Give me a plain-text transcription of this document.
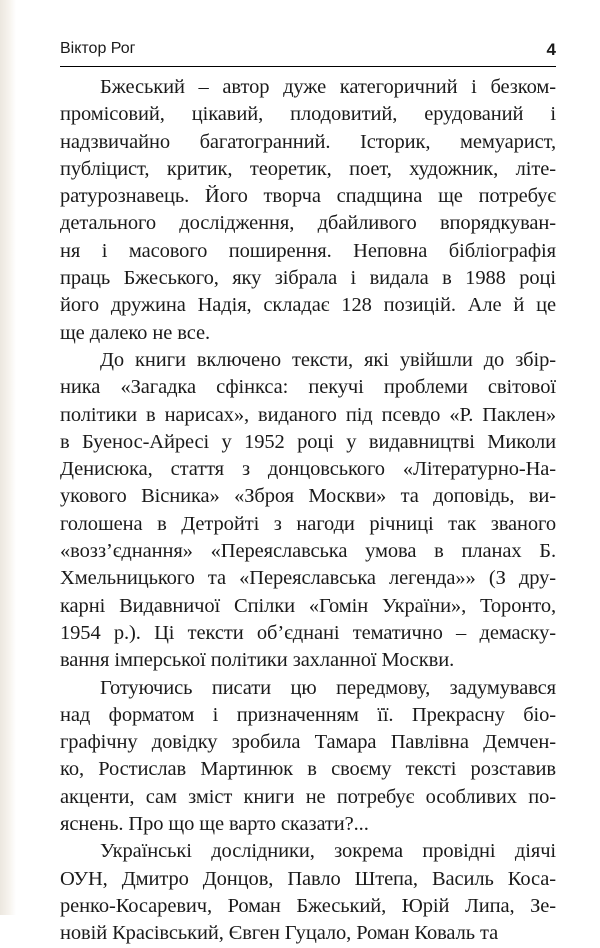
Віктор Рог	4
Бжеський – автор дуже категоричний і безком-
промісовий, цікавий, плодовитий, ерудований і
надзвичайно багатогранний. Історик, мемуарист,
публіцист, критик, теоретик, поет, художник, літе-
ратурознавець. Його творча спадщина ще потребує
детального дослідження, дбайливого впорядкуван-
ня і масового поширення. Неповна бібліографія
праць Бжеського, яку зібрала і видала в 1988 році
його дружина Надія, складає 128 позицій. Але й це
ще далеко не все.
До книги включено тексти, які увійшли до збір-
ника «Загадка сфінкса: пекучі проблеми світової
політики в нарисах», виданого під псевдо «Р. Паклен»
в Буенос-Айресі у 1952 році у видавництві Миколи
Денисюка, стаття з донцовського «Літературно-На-
укового Вісника» «Зброя Москви» та доповідь, ви-
голошена в Детройті з нагоди річниці так званого
«возз’єднання» «Переяславська умова в планах Б.
Хмельницького та «Переяславська легенда»» (З дру-
карні Видавничої Спілки «Гомін України», Торонто,
1954 р.). Ці тексти об’єднані тематично – демаску-
вання імперської політики захланної Москви.
Готуючись писати цю передмову, задумувався
над форматом і призначенням її. Прекрасну біо-
графічну довідку зробила Тамара Павлівна Демчен-
ко, Ростислав Мартинюк в своєму тексті розставив
акценти, сам зміст книги не потребує особливих по-
яснень. Про що ще варто сказати?...
Українські дослідники, зокрема провідні діячі
ОУН, Дмитро Донцов, Павло Штепа, Василь Коса-
ренко-Косаревич, Роман Бжеський, Юрій Липа, Зе-
новій Красівський, Євген Гуцало, Роман Коваль та
